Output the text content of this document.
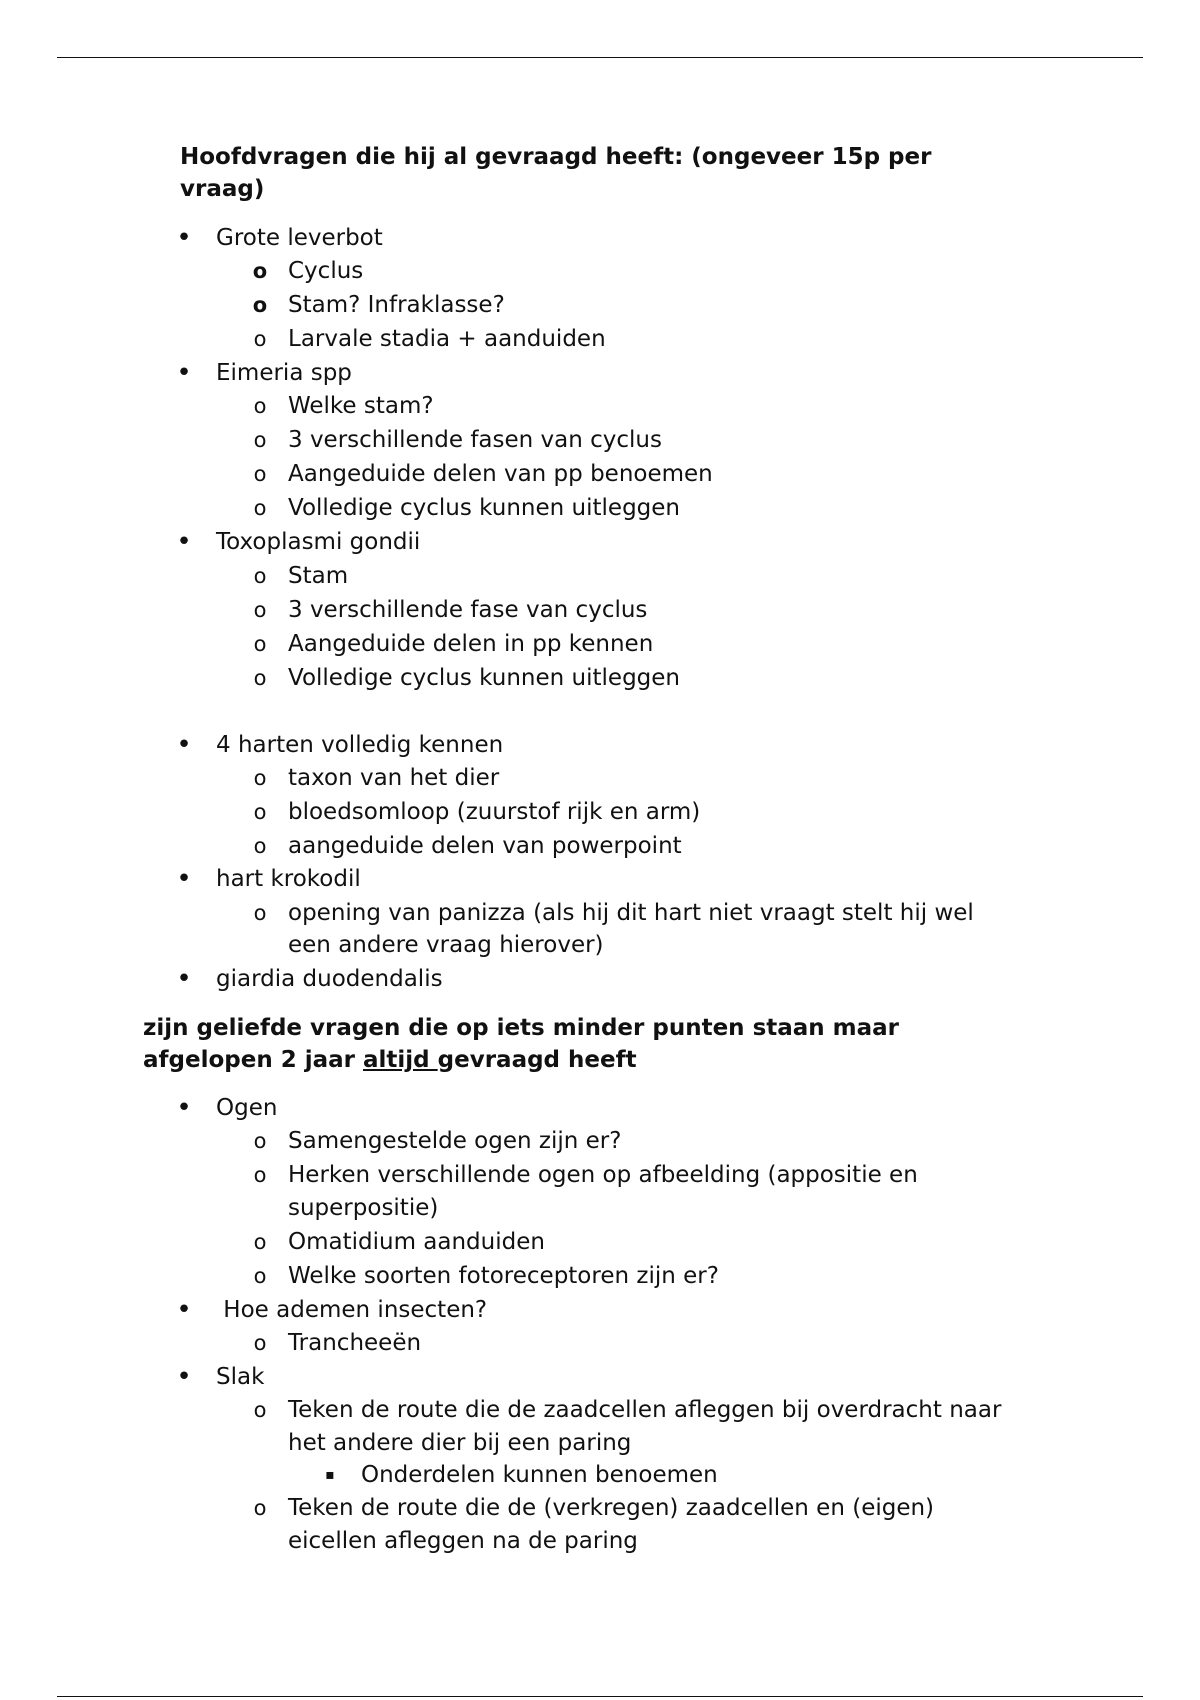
Hoofdvragen die hij al gevraagd heeft: (ongeveer 15p per
vraag)
• Grote leverbot
o Cyclus
o Stam? Infraklasse?
o Larvale stadia + aanduiden
• Eimeria spp
o Welke stam?
o 3 verschillende fasen van cyclus
o Aangeduide delen van pp benoemen
o Volledige cyclus kunnen uitleggen
• Toxoplasmi gondii
o Stam
o 3 verschillende fase van cyclus
o Aangeduide delen in pp kennen
o Volledige cyclus kunnen uitleggen
• 4 harten volledig kennen
o taxon van het dier
o bloedsomloop (zuurstof rijk en arm)
o aangeduide delen van powerpoint
• hart krokodil
o opening van panizza (als hij dit hart niet vraagt stelt hij wel
een andere vraag hierover)
• giardia duodendalis
zijn geliefde vragen die op iets minder punten staan maar
afgelopen 2 jaar altijd gevraagd heeft
• Ogen
o Samengestelde ogen zijn er?
o Herken verschillende ogen op afbeelding (appositie en
superpositie)
o Omatidium aanduiden
o Welke soorten fotoreceptoren zijn er?
• Hoe ademen insecten?
o Trancheeën
• Slak
o Teken de route die de zaadcellen afleggen bij overdracht naar
het andere dier bij een paring
▪ Onderdelen kunnen benoemen
o Teken de route die de (verkregen) zaadcellen en (eigen)
eicellen afleggen na de paring
